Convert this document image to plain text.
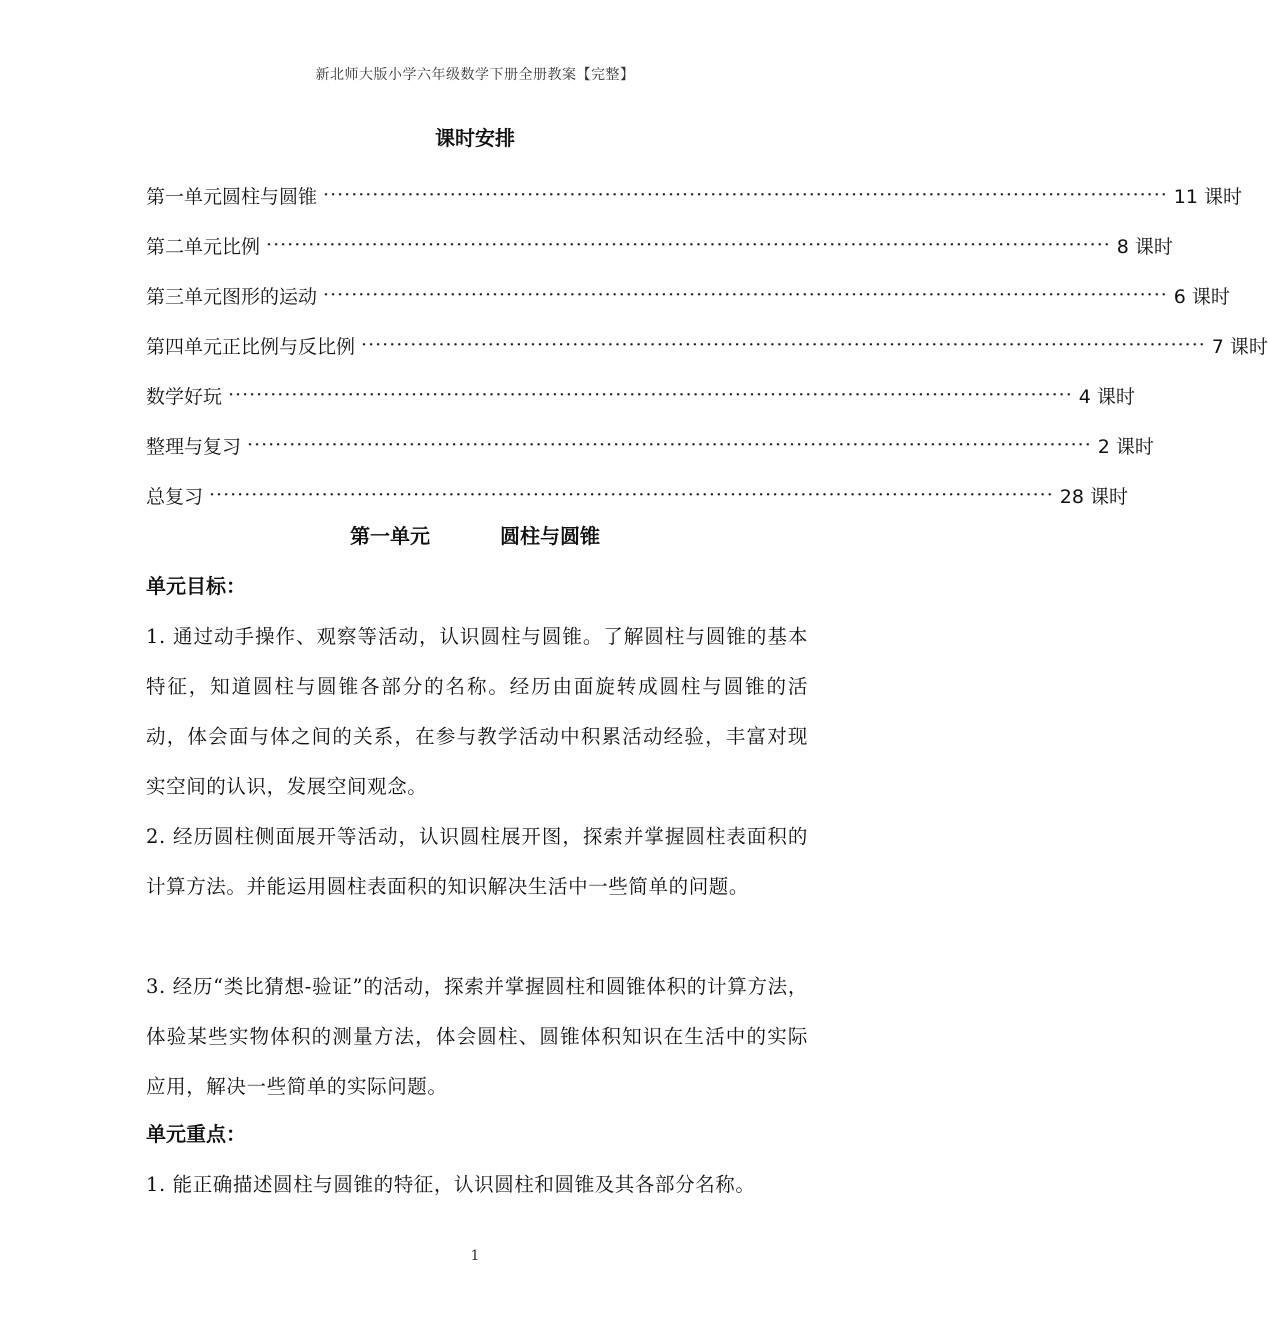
新北师大版小学六年级数学下册全册教案【完整】
课时安排
第一单元 圆柱与圆锥 ························································································································ 11 课时
第二单元 比例 ························································································································ 8 课时
第三单元 图形的运动 ························································································································ 6 课时
第四单元 正比例与反比例 ························································································································ 7 课时
数学好玩 ························································································································ 4 课时
整理与复习 ························································································································ 2 课时
总复习 ························································································································ 28 课时
第一单元	圆柱与圆锥
单元目标：
1. 通过动手操作、观察等活动，认识圆柱与圆锥。了解圆柱与圆锥的基本特征，知道圆柱与圆锥各部分的名称。经历由面旋转成圆柱与圆锥的活动，体会面与体之间的关系，在参与教学活动中积累活动经验，丰富对现实空间的认识，发展空间观念。
2. 经历圆柱侧面展开等活动，认识圆柱展开图，探索并掌握圆柱表面积的计算方法。并能运用圆柱表面积的知识解决生活中一些简单的问题。
3. 经历“类比猜想-验证”的活动，探索并掌握圆柱和圆锥体积的计算方法，体验某些实物体积的测量方法，体会圆柱、圆锥体积知识在生活中的实际应用，解决一些简单的实际问题。
单元重点：
1. 能正确描述圆柱与圆锥的特征，认识圆柱和圆锥及其各部分名称。
1
